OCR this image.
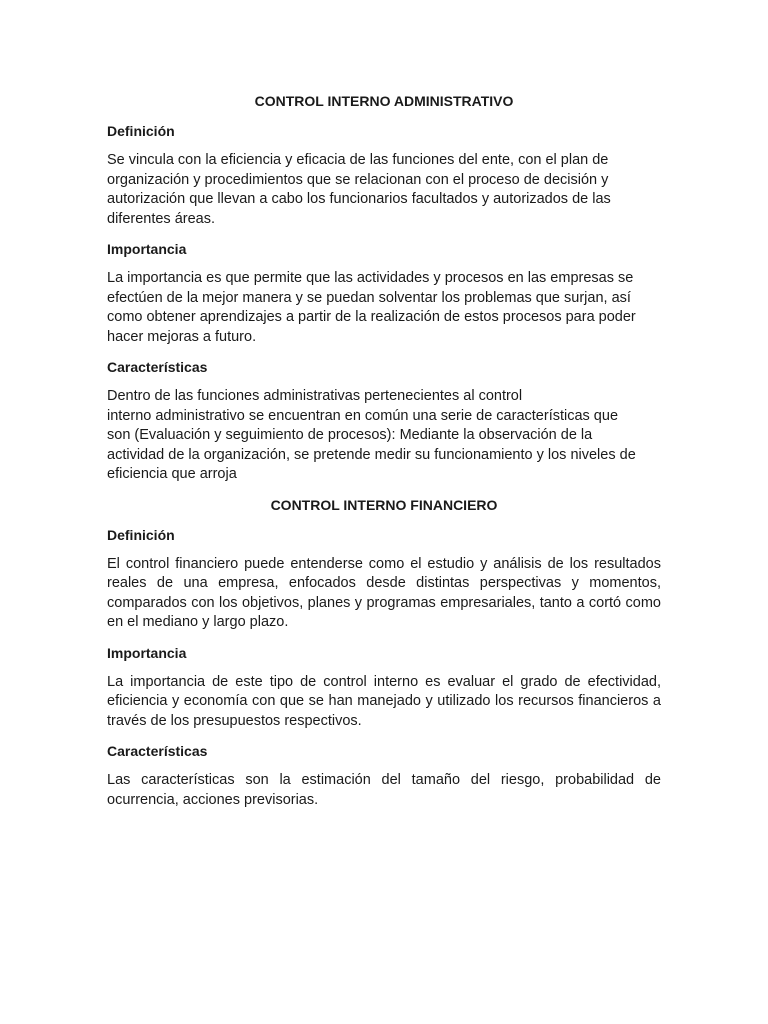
CONTROL INTERNO ADMINISTRATIVO
Definición
Se vincula con la eficiencia y eficacia de las funciones del ente, con el plan de
organización y procedimientos que se relacionan con el proceso de decisión y
autorización que llevan a cabo los funcionarios facultados y autorizados de las
diferentes áreas.
Importancia
La importancia es que permite que las actividades y procesos en las empresas se
efectúen de la mejor manera y se puedan solventar los problemas que surjan, así
como obtener aprendizajes a partir de la realización de estos procesos para poder
hacer mejoras a futuro.
Características
Dentro de las funciones administrativas pertenecientes al control
interno administrativo se encuentran en común una serie de características que
son (Evaluación y seguimiento de procesos): Mediante la observación de la
actividad de la organización, se pretende medir su funcionamiento y los niveles de
eficiencia que arroja
CONTROL INTERNO FINANCIERO
Definición
El control financiero puede entenderse como el estudio y análisis de los resultados reales de una empresa, enfocados desde distintas perspectivas y momentos, comparados con los objetivos, planes y programas empresariales, tanto a cortó como en el mediano y largo plazo.
Importancia
La importancia de este tipo de control interno es evaluar el grado de efectividad, eficiencia y economía con que se han manejado y utilizado los recursos financieros a través de los presupuestos respectivos.
Características
Las características son la estimación del tamaño del riesgo, probabilidad de ocurrencia, acciones previsorias.
